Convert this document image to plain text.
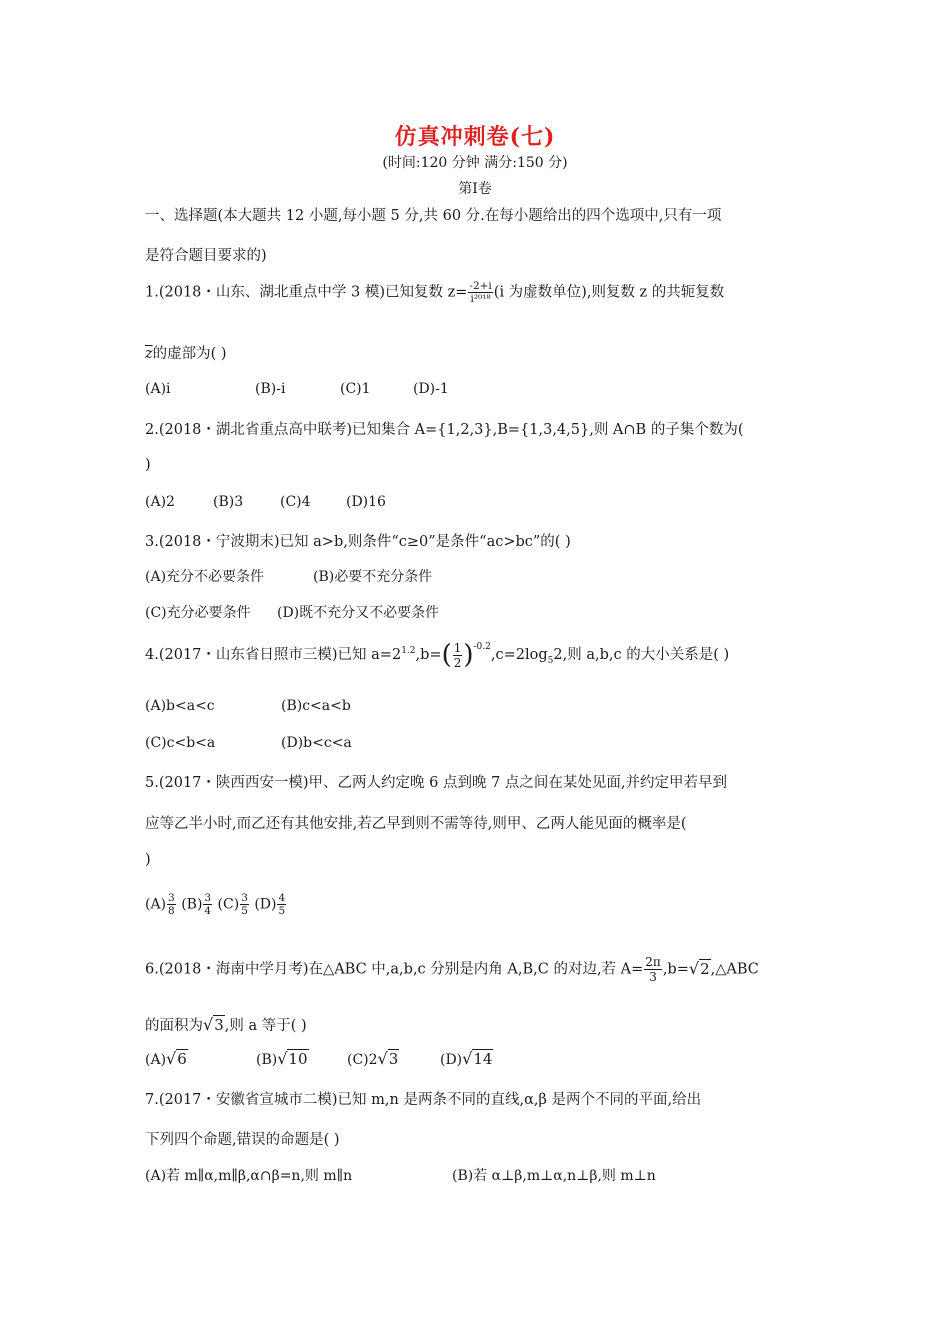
仿真冲刺卷(七)
(时间:120 分钟 满分:150 分)
第Ⅰ卷
一、选择题(本大题共 12 小题,每小题 5 分,共 60 分.在每小题给出的四个选项中,只有一项
是符合题目要求的)
1.(2018・山东、湖北重点中学 3 模)已知复数 $z= \frac{-2+i}{\text{i²⁰¹⁸}} (i$ 为虚数单位),则复数 z 的共轭复数
$\overline{z}$的虚部为( )
(A)i	(B)-i	(C)1	(D)-1
2.(2018・湖北省重点高中联考)已知集合 A={1,2,3},B={1,3,4,5},则 A∩B 的子集个数为(
)
(A)2	(B)3	(C)4	(D)16
3.(2018・宁波期末)已知 a>b,则条件“c≥0”是条件“ac>bc”的( )
(A)充分不必要条件	(B)必要不充分条件
(C)充分必要条件 (D)既不充分又不必要条件
4.(2017・山东省日照市三模)已知 $a=2^{1.2},b=( \frac{1}{2} )^{-0.2},c=2\log_52$,则 a,b,c 的大小关系是( )
(A)b<a<c	(B)c<a<b
(C)c<b<a	(D)b<c<a
5.(2017・陕西西安一模)甲、乙两人约定晚 6 点到晚 7 点之间在某处见面,并约定甲若早到
应等乙半小时,而乙还有其他安排,若乙早到则不需等待,则甲、乙两人能见面的概率是(
)
$(A) \frac{3}{8} (B) \frac{3}{4} (C) \frac{3}{5} (D) \frac{4}{5}$
6.(2018・海南中学月考)在△ABC 中,a,b,c 分别是内角 A,B,C 的对边,若 $A= \frac{2\pi}{3}$ ,b=√2,△ABC
的面积为√3,则 a 等于( )
(A)√6	(B)√10	(C)2√3	(D)√14
7.(2017・安徽省宣城市二模)已知 m,n 是两条不同的直线,α,β 是两个不同的平面,给出
下列四个命题,错误的命题是( )
(A)若 m∥α,m∥β,α∩β=n,则 m∥n	(B)若 α⊥β,m⊥α,n⊥β,则 m⊥n
